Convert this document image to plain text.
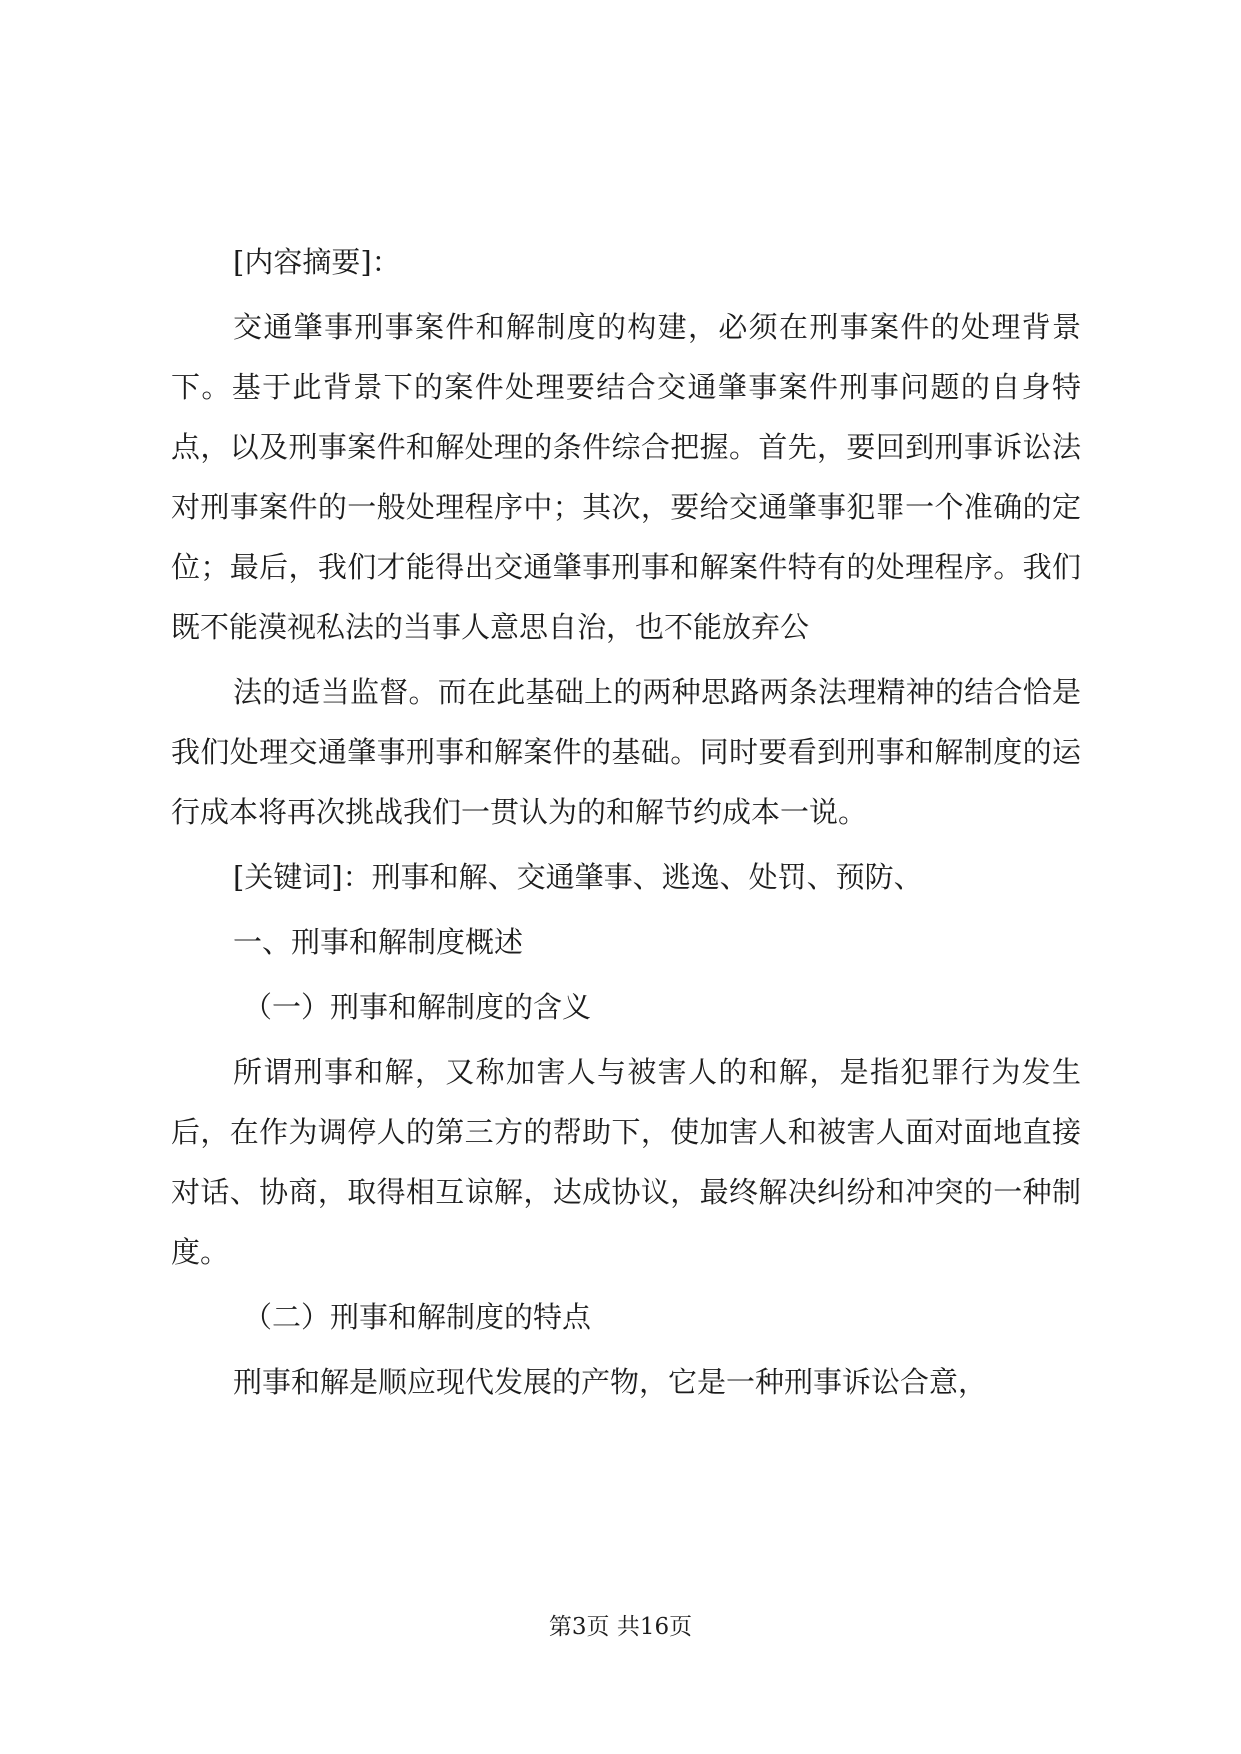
[内容摘要]：

交通肇事刑事案件和解制度的构建，必须在刑事案件的处理背景下。基于此背景下的案件处理要结合交通肇事案件刑事问题的自身特点，以及刑事案件和解处理的条件综合把握。首先，要回到刑事诉讼法对刑事案件的一般处理程序中；其次，要给交通肇事犯罪一个准确的定位；最后，我们才能得出交通肇事刑事和解案件特有的处理程序。我们既不能漠视私法的当事人意思自治，也不能放弃公

法的适当监督。而在此基础上的两种思路两条法理精神的结合恰是我们处理交通肇事刑事和解案件的基础。同时要看到刑事和解制度的运行成本将再次挑战我们一贯认为的和解节约成本一说。

[关键词]：刑事和解、交通肇事、逃逸、处罚、预防、

一、刑事和解制度概述

（一）刑事和解制度的含义

所谓刑事和解，又称加害人与被害人的和解，是指犯罪行为发生后，在作为调停人的第三方的帮助下，使加害人和被害人面对面地直接对话、协商，取得相互谅解，达成协议，最终解决纠纷和冲突的一种制度。

（二）刑事和解制度的特点

刑事和解是顺应现代发展的产物，它是一种刑事诉讼合意，

第3页 共16页
